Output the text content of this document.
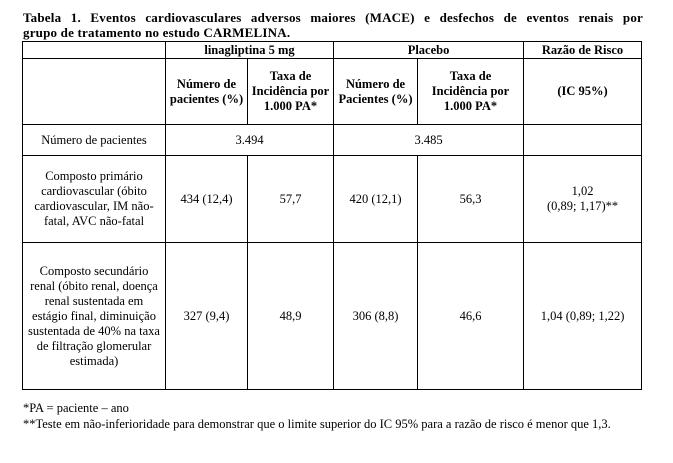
Tabela 1. Eventos cardiovasculares adversos maiores (MACE) e desfechos de eventos renais por
grupo de tratamento no estudo CARMELINA.
	linagliptina 5 mg		Placebo		Razão de Risco
	Número de pacientes (%)	Taxa de Incidência por 1.000 PA*	Número de Pacientes (%)	Taxa de Incidência por 1.000 PA*	(IC 95%)
Número de pacientes	3.494		3.485		
Composto primário cardiovascular (óbito cardiovascular, IM não-fatal, AVC não-fatal	434 (12,4)	57,7	420 (12,1)	56,3	1,02
(0,89; 1,17)**

Composto secundário renal (óbito renal, doença renal sustentada em estágio final, diminuição sustentada de 40% na taxa de filtração glomerular estimada)	327 (9,4)	48,9	306 (8,8)	46,6	1,04 (0,89; 1,22)
*PA = paciente – ano
**Teste em não-inferioridade para demonstrar que o limite superior do IC 95% para a razão de risco é menor que 1,3.
